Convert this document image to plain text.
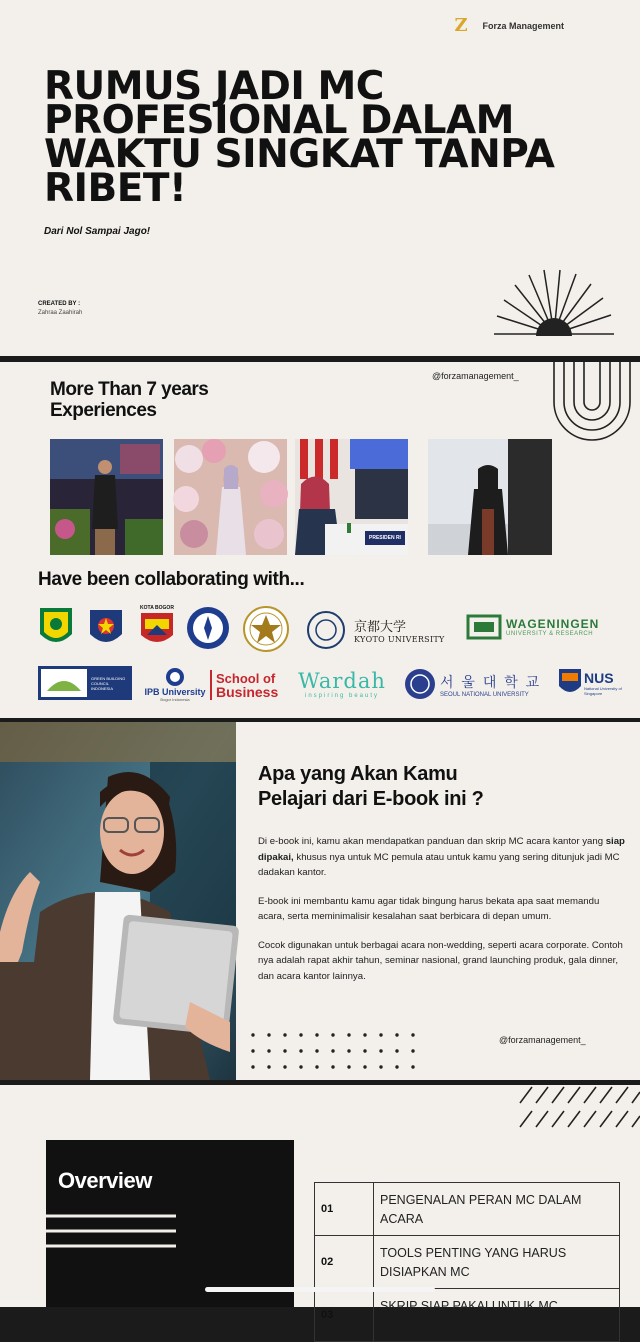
Z	Forza Management
RUMUS JADI MC PROFESIONAL DALAM WAKTU SINGKAT TANPA RIBET!
Dari Nol Sampai Jago!
CREATED BY :
Zahraa Zaahirah
@forzamanagement_
More Than 7 years
Experiences
PRESIDEN RI
Have been collaborating with...
KOTA BOGOR
京都大学
KYOTO UNIVERSITY
WAGENINGEN
UNIVERSITY & RESEARCH
GREEN BUILDING COUNCIL INDONESIA	IPB University
Bogor Indonesia
School of
Business Wardah
inspiring beauty
서 울 대 학 교
SEOUL NATIONAL UNIVERSITY
NUS
National University of Singapore
Apa yang Akan Kamu
Pelajari dari E-book ini ?

Di e-book ini, kamu akan mendapatkan panduan dan skrip MC acara kantor yang siap dipakai, khusus nya untuk MC pemula atau untuk kamu yang sering ditunjuk jadi MC dadakan kantor.

E-book ini membantu kamu agar tidak bingung harus bekata apa saat memandu acara, serta meminimalisir kesalahan saat berbicara di depan umum.

Cocok digunakan untuk berbagai acara non-wedding, seperti acara corporate. Contoh nya adalah rapat akhir tahun, seminar nasional, grand launching produk, gala dinner, dan acara kantor lainnya.

@forzamanagement_
Overview
01
PENGENALAN PERAN MC DALAM ACARA
02
TOOLS PENTING YANG HARUS DISIAPKAN MC
03
SKRIP SIAP PAKAI UNTUK MC
